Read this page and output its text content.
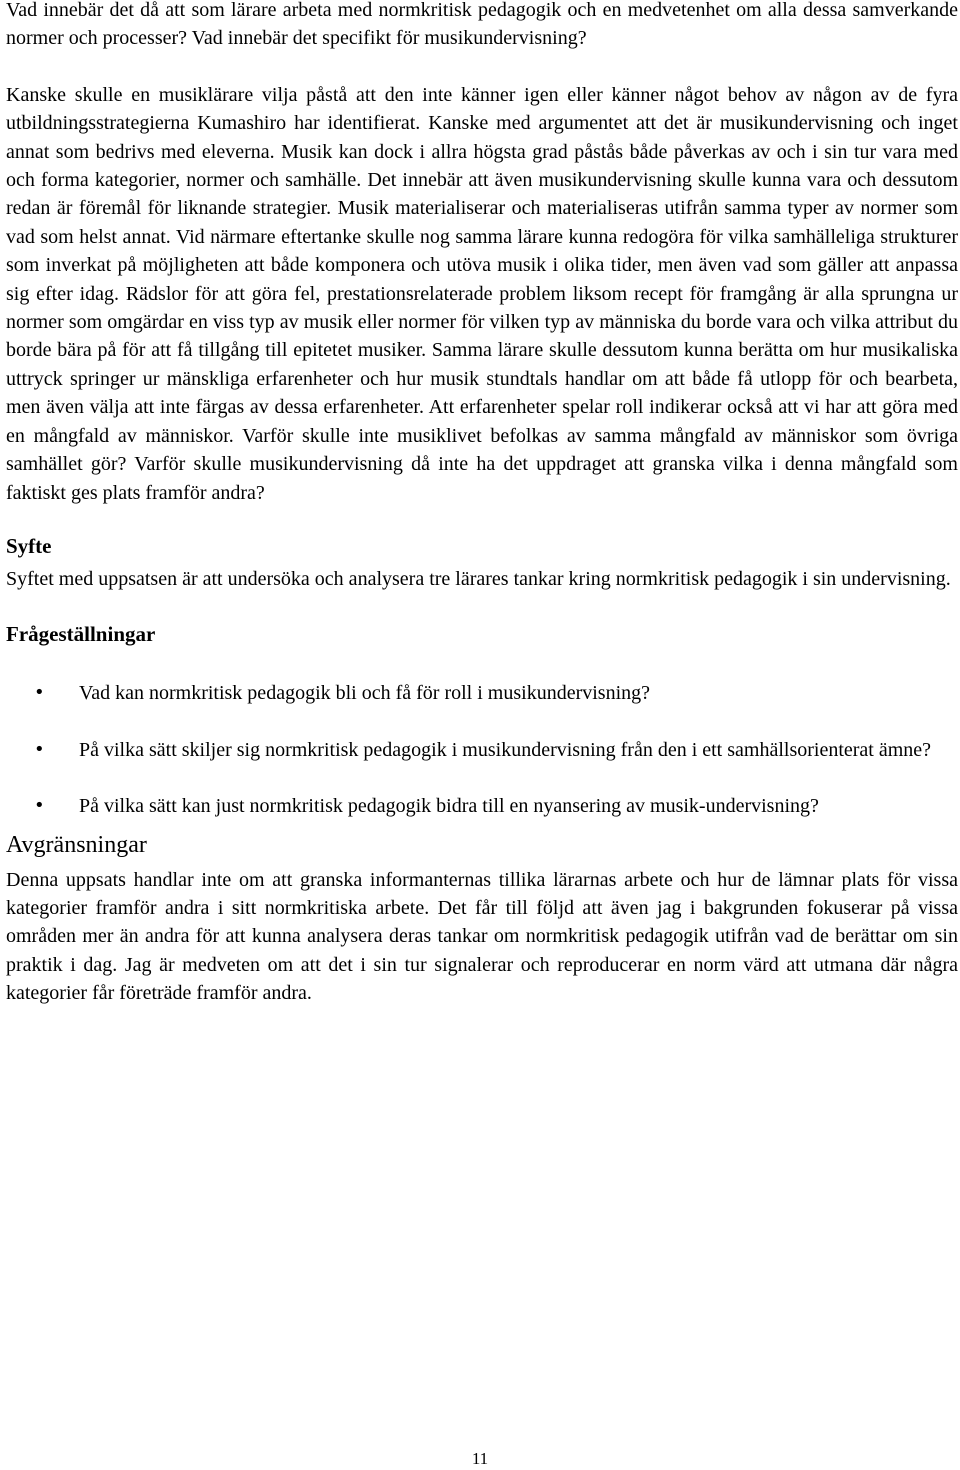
Vad innebär det då att som lärare arbeta med normkritisk pedagogik och en medvetenhet om alla dessa samverkande normer och processer? Vad innebär det specifikt för musikundervisning?

Kanske skulle en musiklärare vilja påstå att den inte känner igen eller känner något behov av någon av de fyra utbildningsstrategierna Kumashiro har identifierat. Kanske med argumentet att det är musikundervisning och inget annat som bedrivs med eleverna. Musik kan dock i allra högsta grad påstås både påverkas av och i sin tur vara med och forma kategorier, normer och samhälle. Det innebär att även musikundervisning skulle kunna vara och dessutom redan är föremål för liknande strategier. Musik materialiserar och materialiseras utifrån samma typer av normer som vad som helst annat. Vid närmare eftertanke skulle nog samma lärare kunna redogöra för vilka samhälleliga strukturer som inverkat på möjligheten att både komponera och utöva musik i olika tider, men även vad som gäller att anpassa sig efter idag. Rädslor för att göra fel, prestationsrelaterade problem liksom recept för framgång är alla sprungna ur normer som omgärdar en viss typ av musik eller normer för vilken typ av människa du borde vara och vilka attribut du borde bära på för att få tillgång till epitetet musiker. Samma lärare skulle dessutom kunna berätta om hur musikaliska uttryck springer ur mänskliga erfarenheter och hur musik stundtals handlar om att både få utlopp för och bearbeta, men även välja att inte färgas av dessa erfarenheter. Att erfarenheter spelar roll indikerar också att vi har att göra med en mångfald av människor. Varför skulle inte musiklivet befolkas av samma mångfald av människor som övriga samhället gör? Varför skulle musikundervisning då inte ha det uppdraget att granska vilka i denna mångfald som faktiskt ges plats framför andra?

Syfte

Syftet med uppsatsen är att undersöka och analysera tre lärares tankar kring normkritisk pedagogik i sin undervisning.

Frågeställningar
• Vad kan normkritisk pedagogik bli och få för roll i musikundervisning?
• På vilka sätt skiljer sig normkritisk pedagogik i musikundervisning från den i ett samhällsorienterat ämne?
• På vilka sätt kan just normkritisk pedagogik bidra till en nyansering av musik-undervisning?
Avgränsningar

Denna uppsats handlar inte om att granska informanternas tillika lärarnas arbete och hur de lämnar plats för vissa kategorier framför andra i sitt normkritiska arbete. Det får till följd att även jag i bakgrunden fokuserar på vissa områden mer än andra för att kunna analysera deras tankar om normkritisk pedagogik utifrån vad de berättar om sin praktik i dag. Jag är medveten om att det i sin tur signalerar och reproducerar en norm värd att utmana där några kategorier får företräde framför andra.

11
